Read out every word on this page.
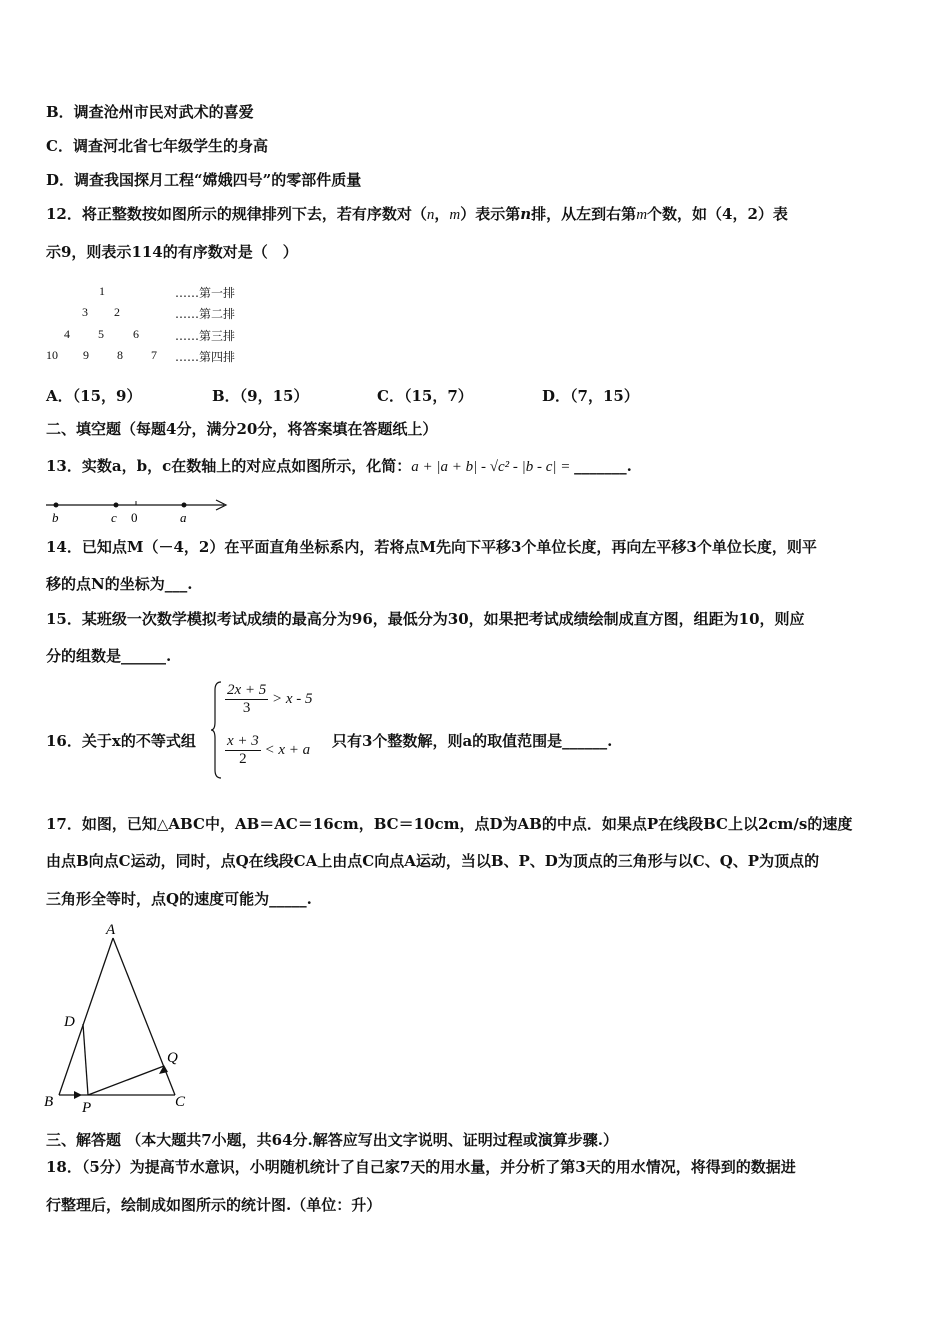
B．调查沧州市民对武术的喜爱
C．调查河北省七年级学生的身高
D．调查我国探月工程“嫦娥四号”的零部件质量
12．将正整数按如图所示的规律排列下去，若有序数对（n，m）表示第n排，从左到右第m个数，如（4，2）表
示9，则表示114的有序数对是（　）
1
3 2
4 5 6
10 9 8 7
……第一排
……第二排
……第三排
……第四排
A．（15，9）	B．（9，15）	C．（15，7）	D．（7，15）
二、填空题（每题4分，满分20分，将答案填在答题纸上）
13．实数a，b，c在数轴上的对应点如图所示，化简：a + |a + b| - √c² - |b - c| = _______.
b	c 0	a
14．已知点M（－4，2）在平面直角坐标系内，若将点M先向下平移3个单位长度，再向左平移3个单位长度，则平
移的点N的坐标为___.
15．某班级一次数学模拟考试成绩的最高分为96，最低分为30，如果把考试成绩绘制成直方图，组距为10，则应
分的组数是______.
16．关于x的不等式组
$\frac{2x + 5}{3} > x - 5$
$\frac{x + 3}{2} < x + a$ 只有3个整数解，则a的取值范围是______.
17．如图，已知△ABC中，AB＝AC＝16cm，BC＝10cm，点D为AB的中点．如果点P在线段BC上以2cm/s的速度
由点B向点C运动，同时，点Q在线段CA上由点C向点A运动，当以B、P、D为顶点的三角形与以C、Q、P为顶点的
三角形全等时，点Q的速度可能为_____.
A
D
Q
B P	C
三、解答题 （本大题共7小题，共64分.解答应写出文字说明、证明过程或演算步骤.）
18．（5分）为提高节水意识，小明随机统计了自己家7天的用水量，并分析了第3天的用水情况，将得到的数据进
行整理后，绘制成如图所示的统计图.（单位：升）
